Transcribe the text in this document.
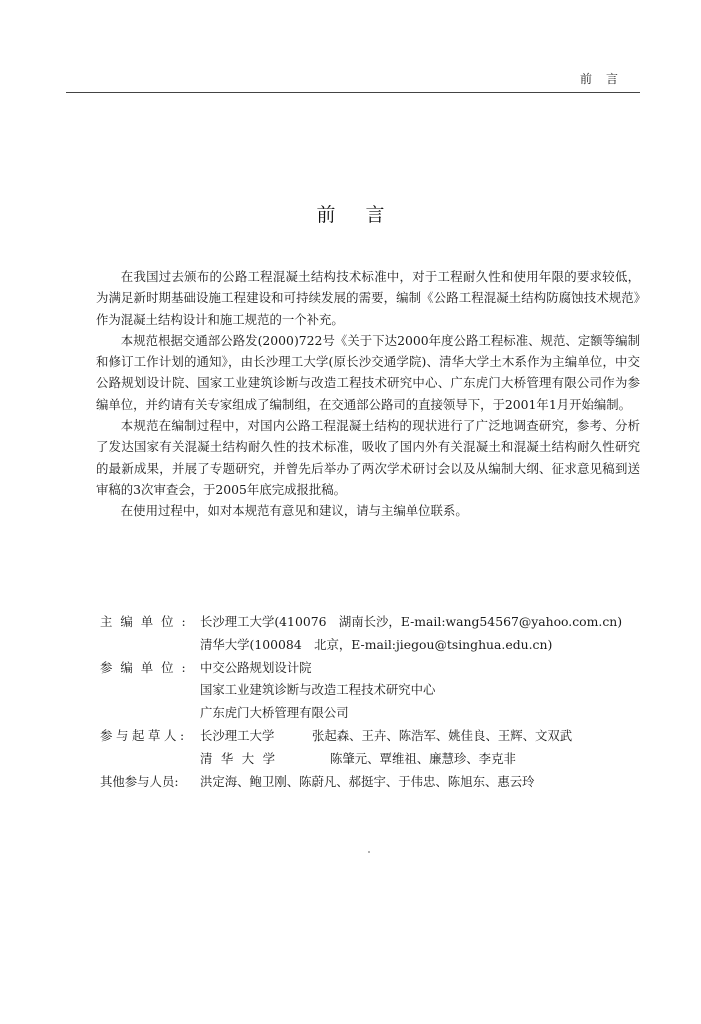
前言
前言

在我国过去颁布的公路工程混凝土结构技术标准中，对于工程耐久性和使用年限的要求较低，为满足新时期基础设施工程建设和可持续发展的需要，编制《公路工程混凝土结构防腐蚀技术规范》作为混凝土结构设计和施工规范的一个补充。

本规范根据交通部公路发(2000)722号《关于下达2000年度公路工程标准、规范、定额等编制和修订工作计划的通知》，由长沙理工大学(原长沙交通学院)、清华大学土木系作为主编单位，中交公路规划设计院、国家工业建筑诊断与改造工程技术研究中心、广东虎门大桥管理有限公司作为参编单位，并约请有关专家组成了编制组，在交通部公路司的直接领导下，于2001年1月开始编制。

本规范在编制过程中，对国内公路工程混凝土结构的现状进行了广泛地调查研究，参考、分析了发达国家有关混凝土结构耐久性的技术标准，吸收了国内外有关混凝土和混凝土结构耐久性研究的最新成果，并展了专题研究，并曾先后举办了两次学术研讨会以及从编制大纲、征求意见稿到送审稿的3次审查会，于2005年底完成报批稿。

在使用过程中，如对本规范有意见和建议，请与主编单位联系。

主编单位: 长沙理工大学(410076　湖南长沙，E-mail:wang54567@yahoo.com.cn)
清华大学(100084　北京，E-mail:jiegou@tsinghua.edu.cn)
参编单位: 中交公路规划设计院
国家工业建筑诊断与改造工程技术研究中心
广东虎门大桥管理有限公司
参与起草人: 长沙理工大学	张起森、王卉、陈浩军、姚佳良、王辉、文双武
清华大学	陈肇元、覃维祖、廉慧珍、李克非
其他参与人员:	洪定海、鲍卫刚、陈蔚凡、郝挺宇、于伟忠、陈旭东、惠云玲
